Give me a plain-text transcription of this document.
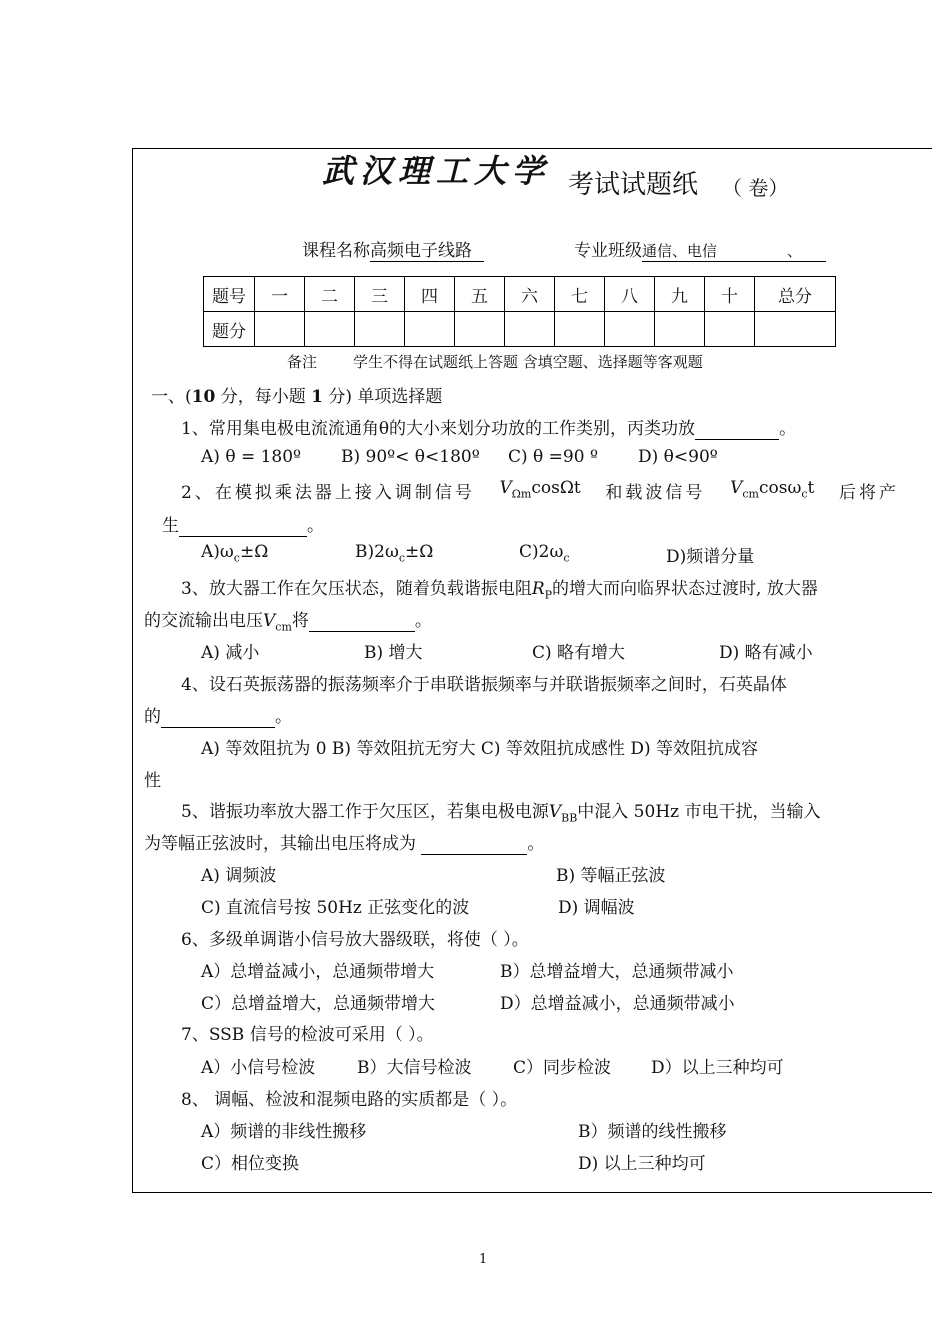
武汉理工大学 考试试题纸 （ 卷）
课程名称高频电子线路	专业班级通信、电信	、
题号	一	二	三	四	五	六	七	八	九	十	总分
题分											
备注 学生不得在试题纸上答题 含填空题、选择题等客观题
一、(10 分，每小题 1 分) 单项选择题
1、常用集电极电流流通角θ的大小来划分功放的工作类别，丙类功放	。
A) θ = 180º B) 90º< θ<180º C) θ =90 º D) θ<90º
2、在模拟乘法器上接入调制信号 $V_{\Omega m}\cos\Omega t$ 和载波信号 $V_{cm}\cos\omega_ct$ 后将产
生	。
$A)\omega_c\pm\Omega$	$B)2\omega_c\pm\Omega$	$C)2\omega_c$	D)频谱分量
3、放大器工作在欠压状态，随着负载谐振电阻$R_P$的增大而向临界状态过渡时, 放大器
的交流输出电压$V_{cm}$将	。
A) 减小	B) 增大	C) 略有增大	D) 略有减小
4、设石英振荡器的振荡频率介于串联谐振频率与并联谐振频率之间时，石英晶体
的	。
A) 等效阻抗为 0 B) 等效阻抗无穷大 C) 等效阻抗成感性 D) 等效阻抗成容
性
5、谐振功率放大器工作于欠压区，若集电极电源$V_{BB}$中混入 50Hz 市电干扰，当输入
为等幅正弦波时，其输出电压将成为	。
A) 调频波	B) 等幅正弦波
C) 直流信号按 50Hz 正弦变化的波	D) 调幅波
6、多级单调谐小信号放大器级联，将使（ ）。
A）总增益减小，总通频带增大	B）总增益增大，总通频带减小
C）总增益增大，总通频带增大	D）总增益减小，总通频带减小
7、SSB 信号的检波可采用（ ）。
A）小信号检波 B）大信号检波 C）同步检波 D）以上三种均可
8、 调幅、检波和混频电路的实质都是（ ）。
A）频谱的非线性搬移	B）频谱的线性搬移
C）相位变换	D) 以上三种均可
1
